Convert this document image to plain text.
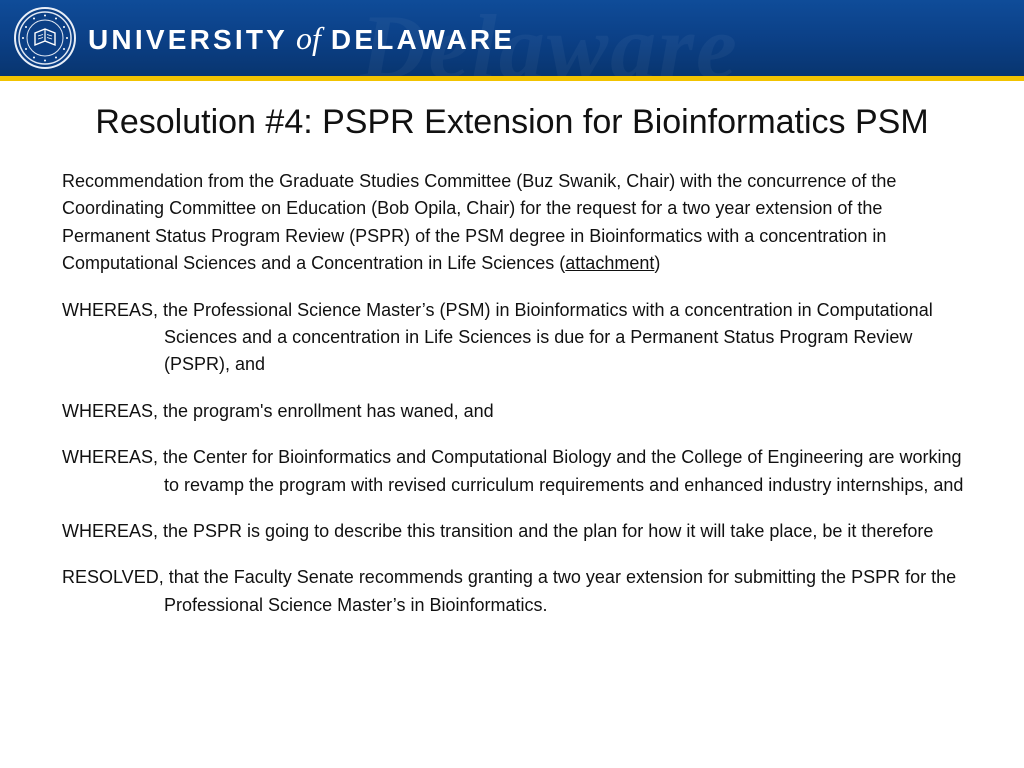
UNIVERSITY of DELAWARE
Resolution #4: PSPR Extension for Bioinformatics PSM

Recommendation from the Graduate Studies Committee (Buz Swanik, Chair) with the concurrence of the Coordinating Committee on Education (Bob Opila, Chair) for the request for a two year extension of the Permanent Status Program Review (PSPR) of the PSM degree in Bioinformatics with a concentration in Computational Sciences and a Concentration in Life Sciences (attachment)

WHEREAS, the Professional Science Master’s (PSM) in Bioinformatics with a concentration in Computational Sciences and a concentration in Life Sciences is due for a Permanent Status Program Review (PSPR), and

WHEREAS, the program's enrollment has waned, and

WHEREAS, the Center for Bioinformatics and Computational Biology and the College of Engineering are working to revamp the program with revised curriculum requirements and enhanced industry internships, and

WHEREAS, the PSPR is going to describe this transition and the plan for how it will take place, be it therefore

RESOLVED, that the Faculty Senate recommends granting a two year extension for submitting the PSPR for the Professional Science Master’s in Bioinformatics.
